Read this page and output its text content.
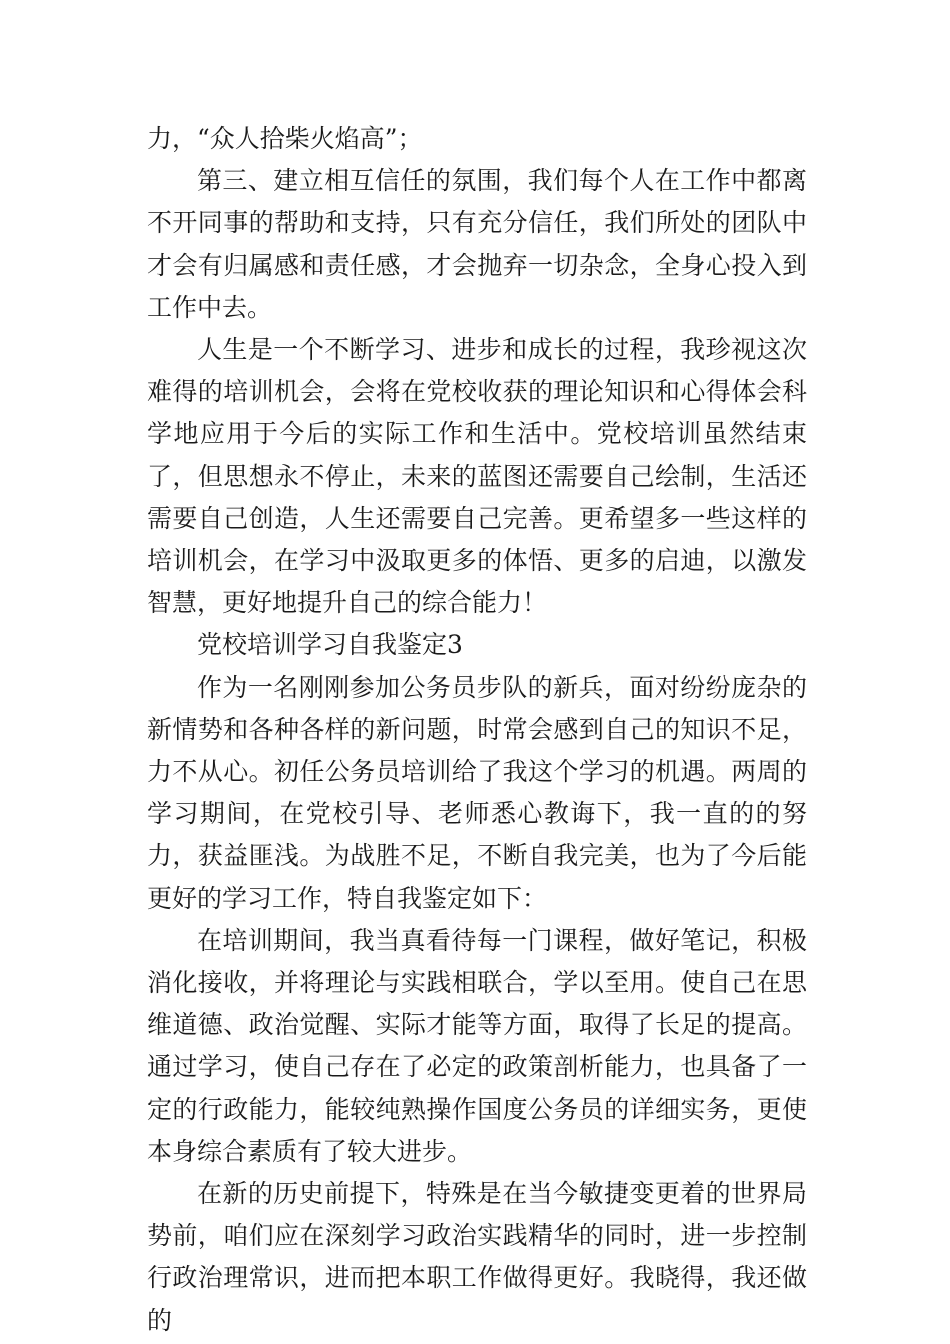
力，“众人拾柴火焰高”；

第三、建立相互信任的氛围，我们每个人在工作中都离不开同事的帮助和支持，只有充分信任，我们所处的团队中才会有归属感和责任感，才会抛弃一切杂念，全身心投入到工作中去。

人生是一个不断学习、进步和成长的过程，我珍视这次难得的培训机会，会将在党校收获的理论知识和心得体会科学地应用于今后的实际工作和生活中。党校培训虽然结束了，但思想永不停止，未来的蓝图还需要自己绘制，生活还需要自己创造，人生还需要自己完善。更希望多一些这样的培训机会，在学习中汲取更多的体悟、更多的启迪，以激发智慧，更好地提升自己的综合能力！

党校培训学习自我鉴定3

作为一名刚刚参加公务员步队的新兵，面对纷纷庞杂的新情势和各种各样的新问题，时常会感到自己的知识不足，力不从心。初任公务员培训给了我这个学习的机遇。两周的学习期间，在党校引导、老师悉心教诲下，我一直的的努力，获益匪浅。为战胜不足，不断自我完美，也为了今后能更好的学习工作，特自我鉴定如下：

在培训期间，我当真看待每一门课程，做好笔记，积极消化接收，并将理论与实践相联合，学以至用。使自己在思维道德、政治觉醒、实际才能等方面，取得了长足的提高。通过学习，使自己存在了必定的政策剖析能力，也具备了一定的行政能力，能较纯熟操作国度公务员的详细实务，更使本身综合素质有了较大进步。

在新的历史前提下，特殊是在当今敏捷变更着的世界局势前，咱们应在深刻学习政治实践精华的同时，进一步控制行政治理常识，进而把本职工作做得更好。我晓得，我还做的
